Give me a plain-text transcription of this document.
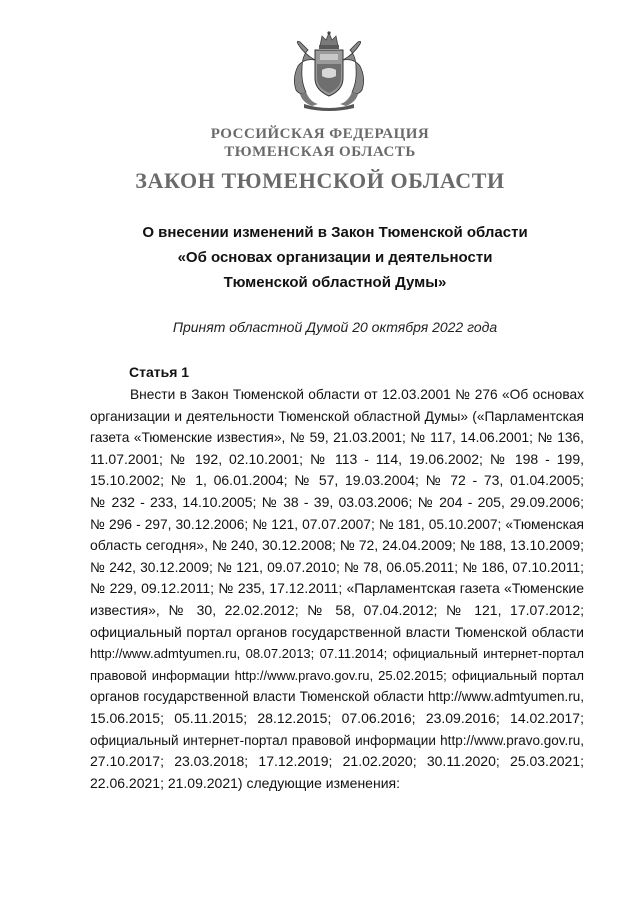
РОССИЙСКАЯ ФЕДЕРАЦИЯ
ТЮМЕНСКАЯ ОБЛАСТЬ
ЗАКОН ТЮМЕНСКОЙ ОБЛАСТИ
О внесении изменений в Закон Тюменской области
«Об основах организации и деятельности
Тюменской областной Думы»
Принят областной Думой 20 октября 2022 года
Статья 1
Внести в Закон Тюменской области от 12.03.2001 № 276 «Об основах
организации и деятельности Тюменской областной Думы» («Парламентская
газета «Тюменские известия», № 59, 21.03.2001; № 117, 14.06.2001; № 136,
11.07.2001; № 192, 02.10.2001; № 113 - 114, 19.06.2002; № 198 - 199,
15.10.2002; № 1, 06.01.2004; № 57, 19.03.2004; № 72 - 73, 01.04.2005;
№ 232 - 233, 14.10.2005; № 38 - 39, 03.03.2006; № 204 - 205, 29.09.2006;
№ 296 - 297, 30.12.2006; № 121, 07.07.2007; № 181, 05.10.2007; «Тюменская
область сегодня», № 240, 30.12.2008; № 72, 24.04.2009; № 188, 13.10.2009;
№ 242, 30.12.2009; № 121, 09.07.2010; № 78, 06.05.2011; № 186, 07.10.2011;
№ 229, 09.12.2011; № 235, 17.12.2011; «Парламентская газета «Тюменские
известия», № 30, 22.02.2012; № 58, 07.04.2012; № 121, 17.07.2012;
официальный портал органов государственной власти Тюменской области
http://www.admtyumen.ru, 08.07.2013; 07.11.2014; официальный интернет-портал
правовой информации http://www.pravo.gov.ru, 25.02.2015; официальный портал
органов государственной власти Тюменской области http://www.admtyumen.ru,
15.06.2015; 05.11.2015; 28.12.2015; 07.06.2016; 23.09.2016; 14.02.2017;
официальный интернет-портал правовой информации http://www.pravo.gov.ru,
27.10.2017; 23.03.2018; 17.12.2019; 21.02.2020; 30.11.2020; 25.03.2021;
22.06.2021; 21.09.2021) следующие изменения:
